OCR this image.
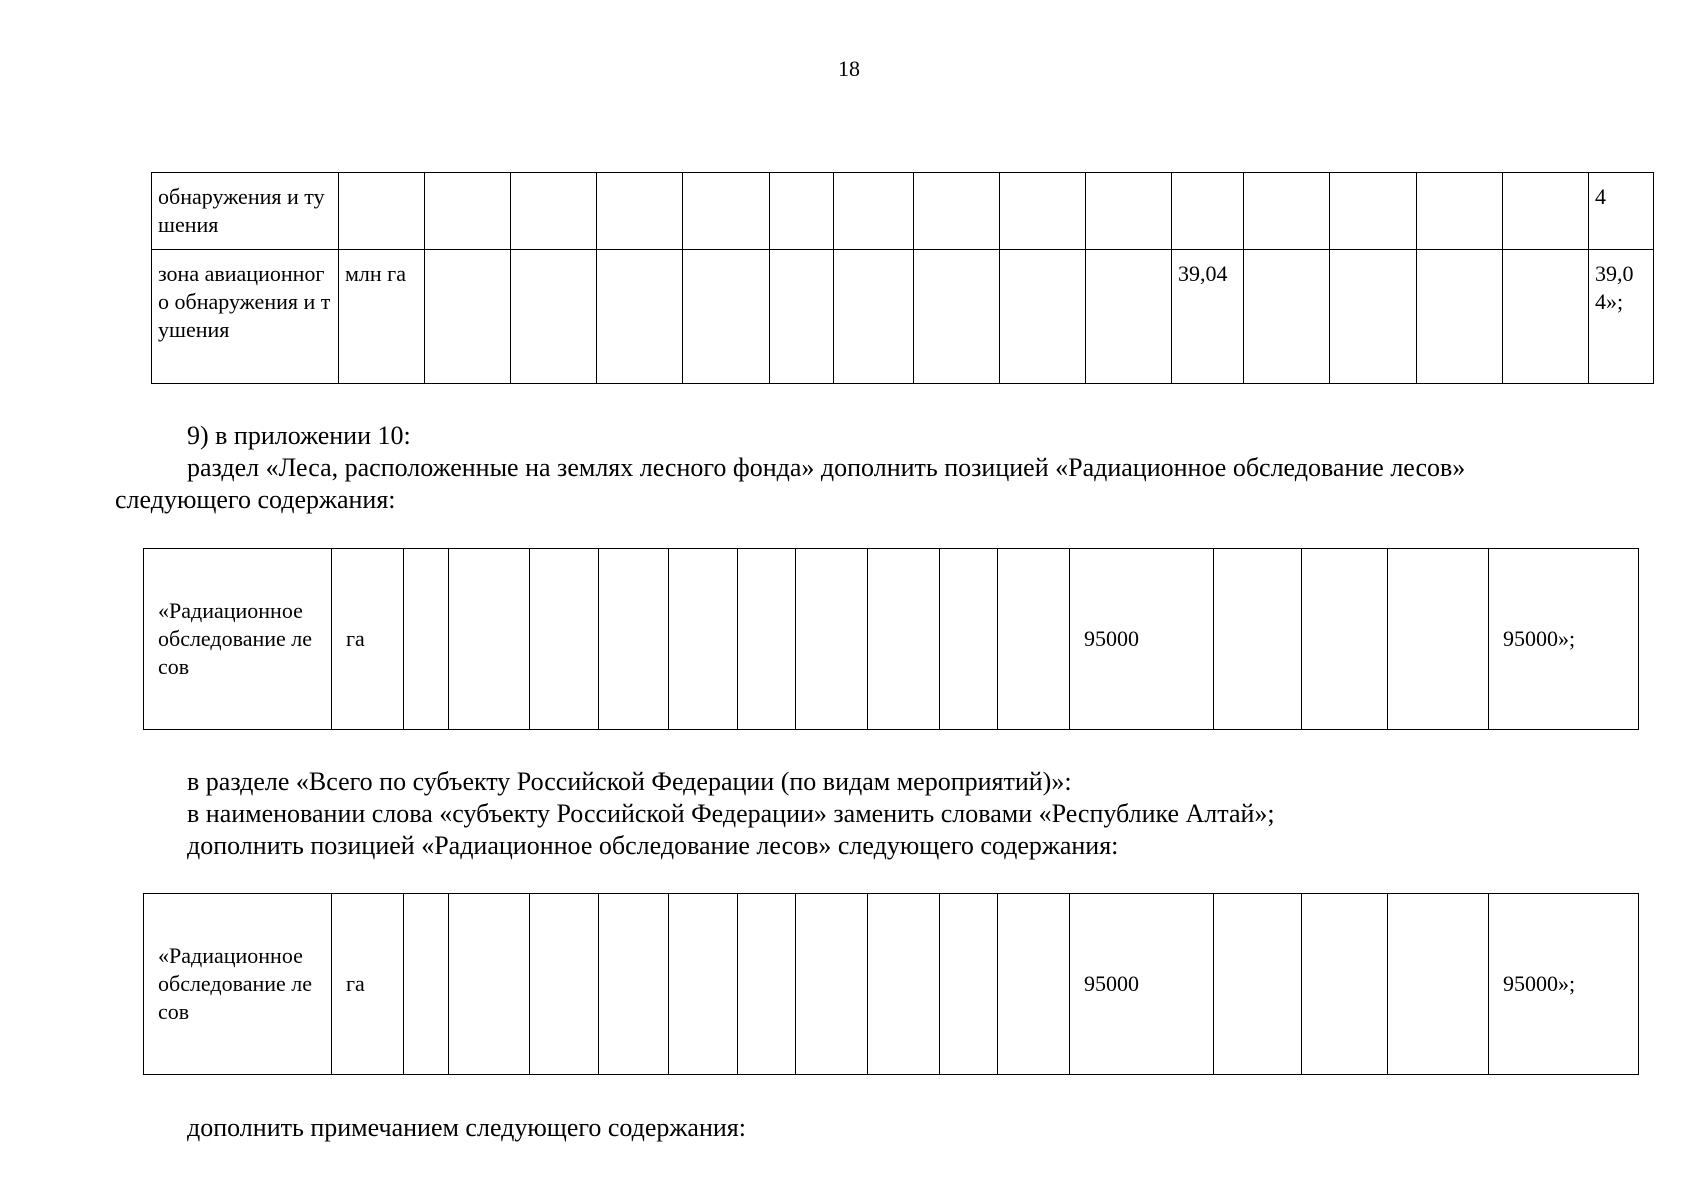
18
обнаружения и тушения																4
зона авиационного обнаружения и тушения	млн га										39,04					39,04»;
9) в приложении 10:
раздел «Леса, расположенные на землях лесного фонда» дополнить позицией «Радиационное обследование лесов»
следующего содержания:
«Радиационное обследование лесов	га											95000				95000»;
в разделе «Всего по субъекту Российской Федерации (по видам мероприятий)»:
в наименовании слова «субъекту Российской Федерации» заменить словами «Республике Алтай»;
дополнить позицией «Радиационное обследование лесов» следующего содержания:
«Радиационное обследование лесов	га											95000				95000»;
дополнить примечанием следующего содержания:
